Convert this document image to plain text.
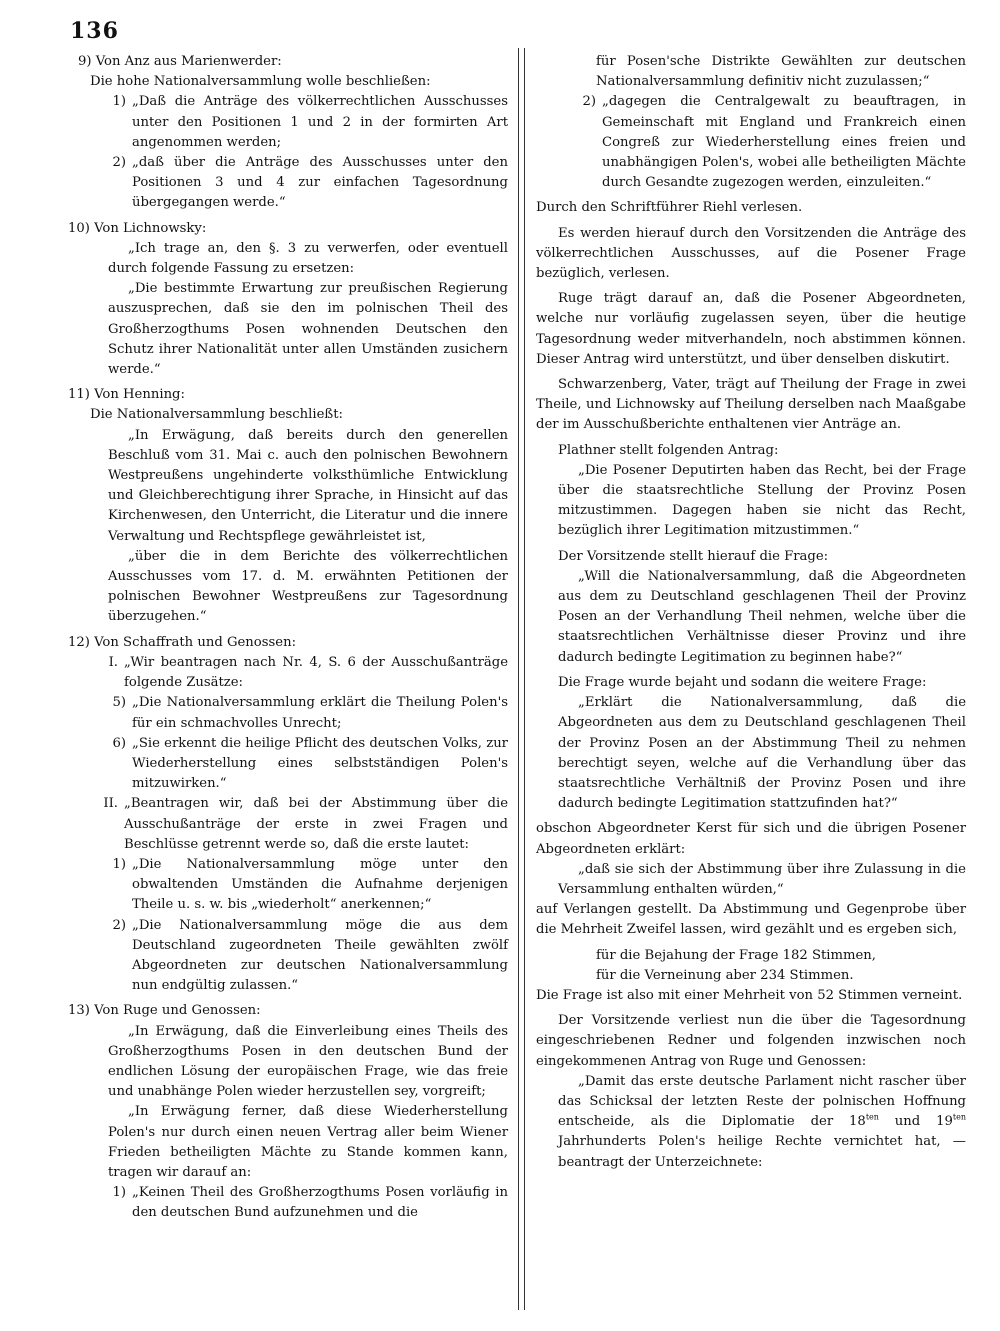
136

9) Von Anz aus Marienwerder:

Die hohe Nationalversammlung wolle beschließen:

1) „Daß die Anträge des völkerrechtlichen Ausschusses unter den Positionen 1 und 2 in der formirten Art angenommen werden;
2) „daß über die Anträge des Ausschusses unter den Positionen 3 und 4 zur einfachen Tagesordnung übergegangen werde.“

10) Von Lichnowsky:

„Ich trage an, den §. 3 zu verwerfen, oder eventuell durch folgende Fassung zu ersetzen:

„Die bestimmte Erwartung zur preußischen Regierung auszusprechen, daß sie den im polnischen Theil des Großherzogthums Posen wohnenden Deutschen den Schutz ihrer Nationalität unter allen Umständen zusichern werde.“

11) Von Henning:

Die Nationalversammlung beschließt:

„In Erwägung, daß bereits durch den generellen Beschluß vom 31. Mai c. auch den polnischen Bewohnern Westpreußens ungehinderte volksthümliche Entwicklung und Gleichberechtigung ihrer Sprache, in Hinsicht auf das Kirchenwesen, den Unterricht, die Literatur und die innere Verwaltung und Rechtspflege gewährleistet ist,

„über die in dem Berichte des völkerrechtlichen Ausschusses vom 17. d. M. erwähnten Petitionen der polnischen Bewohner Westpreußens zur Tagesordnung überzugehen.“

12) Von Schaffrath und Genossen:

I. „Wir beantragen nach Nr. 4, S. 6 der Ausschußanträge folgende Zusätze:
5) „Die Nationalversammlung erklärt die Theilung Polen's für ein schmachvolles Unrecht;
6) „Sie erkennt die heilige Pflicht des deutschen Volks, zur Wiederherstellung eines selbstständigen Polen's mitzuwirken.“
II. „Beantragen wir, daß bei der Abstimmung über die Ausschußanträge der erste in zwei Fragen und Beschlüsse getrennt werde so, daß die erste lautet:
1) „Die Nationalversammlung möge unter den obwaltenden Umständen die Aufnahme derjenigen Theile u. s. w. bis „wiederholt“ anerkennen;“
2) „Die Nationalversammlung möge die aus dem Deutschland zugeordneten Theile gewählten zwölf Abgeordneten zur deutschen Nationalversammlung nun endgültig zulassen.“

13) Von Ruge und Genossen:

„In Erwägung, daß die Einverleibung eines Theils des Großherzogthums Posen in den deutschen Bund der endlichen Lösung der europäischen Frage, wie das freie und unabhänge Polen wieder herzustellen sey, vorgreift;

„In Erwägung ferner, daß diese Wiederherstellung Polen's nur durch einen neuen Vertrag aller beim Wiener Frieden betheiligten Mächte zu Stande kommen kann, tragen wir darauf an:

1) „Keinen Theil des Großherzogthums Posen vorläufig in den deutschen Bund aufzunehmen und die

für Posen'sche Distrikte Gewählten zur deutschen Nationalversammlung definitiv nicht zuzulassen;“

2) „dagegen die Centralgewalt zu beauftragen, in Gemeinschaft mit England und Frankreich einen Congreß zur Wiederherstellung eines freien und unabhängigen Polen's, wobei alle betheiligten Mächte durch Gesandte zugezogen werden, einzuleiten.“

Durch den Schriftführer Riehl verlesen.

Es werden hierauf durch den Vorsitzenden die Anträge des völkerrechtlichen Ausschusses, auf die Posener Frage bezüglich, verlesen.

Ruge trägt darauf an, daß die Posener Abgeordneten, welche nur vorläufig zugelassen seyen, über die heutige Tagesordnung weder mitverhandeln, noch abstimmen können. Dieser Antrag wird unterstützt, und über denselben diskutirt.

Schwarzenberg, Vater, trägt auf Theilung der Frage in zwei Theile, und Lichnowsky auf Theilung derselben nach Maaßgabe der im Ausschußberichte enthaltenen vier Anträge an.

Plathner stellt folgenden Antrag:

„Die Posener Deputirten haben das Recht, bei der Frage über die staatsrechtliche Stellung der Provinz Posen mitzustimmen. Dagegen haben sie nicht das Recht, bezüglich ihrer Legitimation mitzustimmen.“

Der Vorsitzende stellt hierauf die Frage:

„Will die Nationalversammlung, daß die Abgeordneten aus dem zu Deutschland geschlagenen Theil der Provinz Posen an der Verhandlung Theil nehmen, welche über die staatsrechtlichen Verhältnisse dieser Provinz und ihre dadurch bedingte Legitimation zu beginnen habe?“

Die Frage wurde bejaht und sodann die weitere Frage:

„Erklärt die Nationalversammlung, daß die Abgeordneten aus dem zu Deutschland geschlagenen Theil der Provinz Posen an der Abstimmung Theil zu nehmen berechtigt seyen, welche auf die Verhandlung über das staatsrechtliche Verhältniß der Provinz Posen und ihre dadurch bedingte Legitimation stattzufinden hat?“

obschon Abgeordneter Kerst für sich und die übrigen Posener Abgeordneten erklärt:

„daß sie sich der Abstimmung über ihre Zulassung in die Versammlung enthalten würden,“

auf Verlangen gestellt. Da Abstimmung und Gegenprobe über die Mehrheit Zweifel lassen, wird gezählt und es ergeben sich,

für die Bejahung der Frage 182 Stimmen,

für die Verneinung aber 234 Stimmen.

Die Frage ist also mit einer Mehrheit von 52 Stimmen verneint.

Der Vorsitzende verliest nun die über die Tagesordnung eingeschriebenen Redner und folgenden inzwischen noch eingekommenen Antrag von Ruge und Genossen:

„Damit das erste deutsche Parlament nicht rascher über das Schicksal der letzten Reste der polnischen Hoffnung entscheide, als die Diplomatie der $18^{ten}$ und $19^{ten}$ Jahrhunderts Polen's heilige Rechte vernichtet hat, — beantragt der Unterzeichnete:
